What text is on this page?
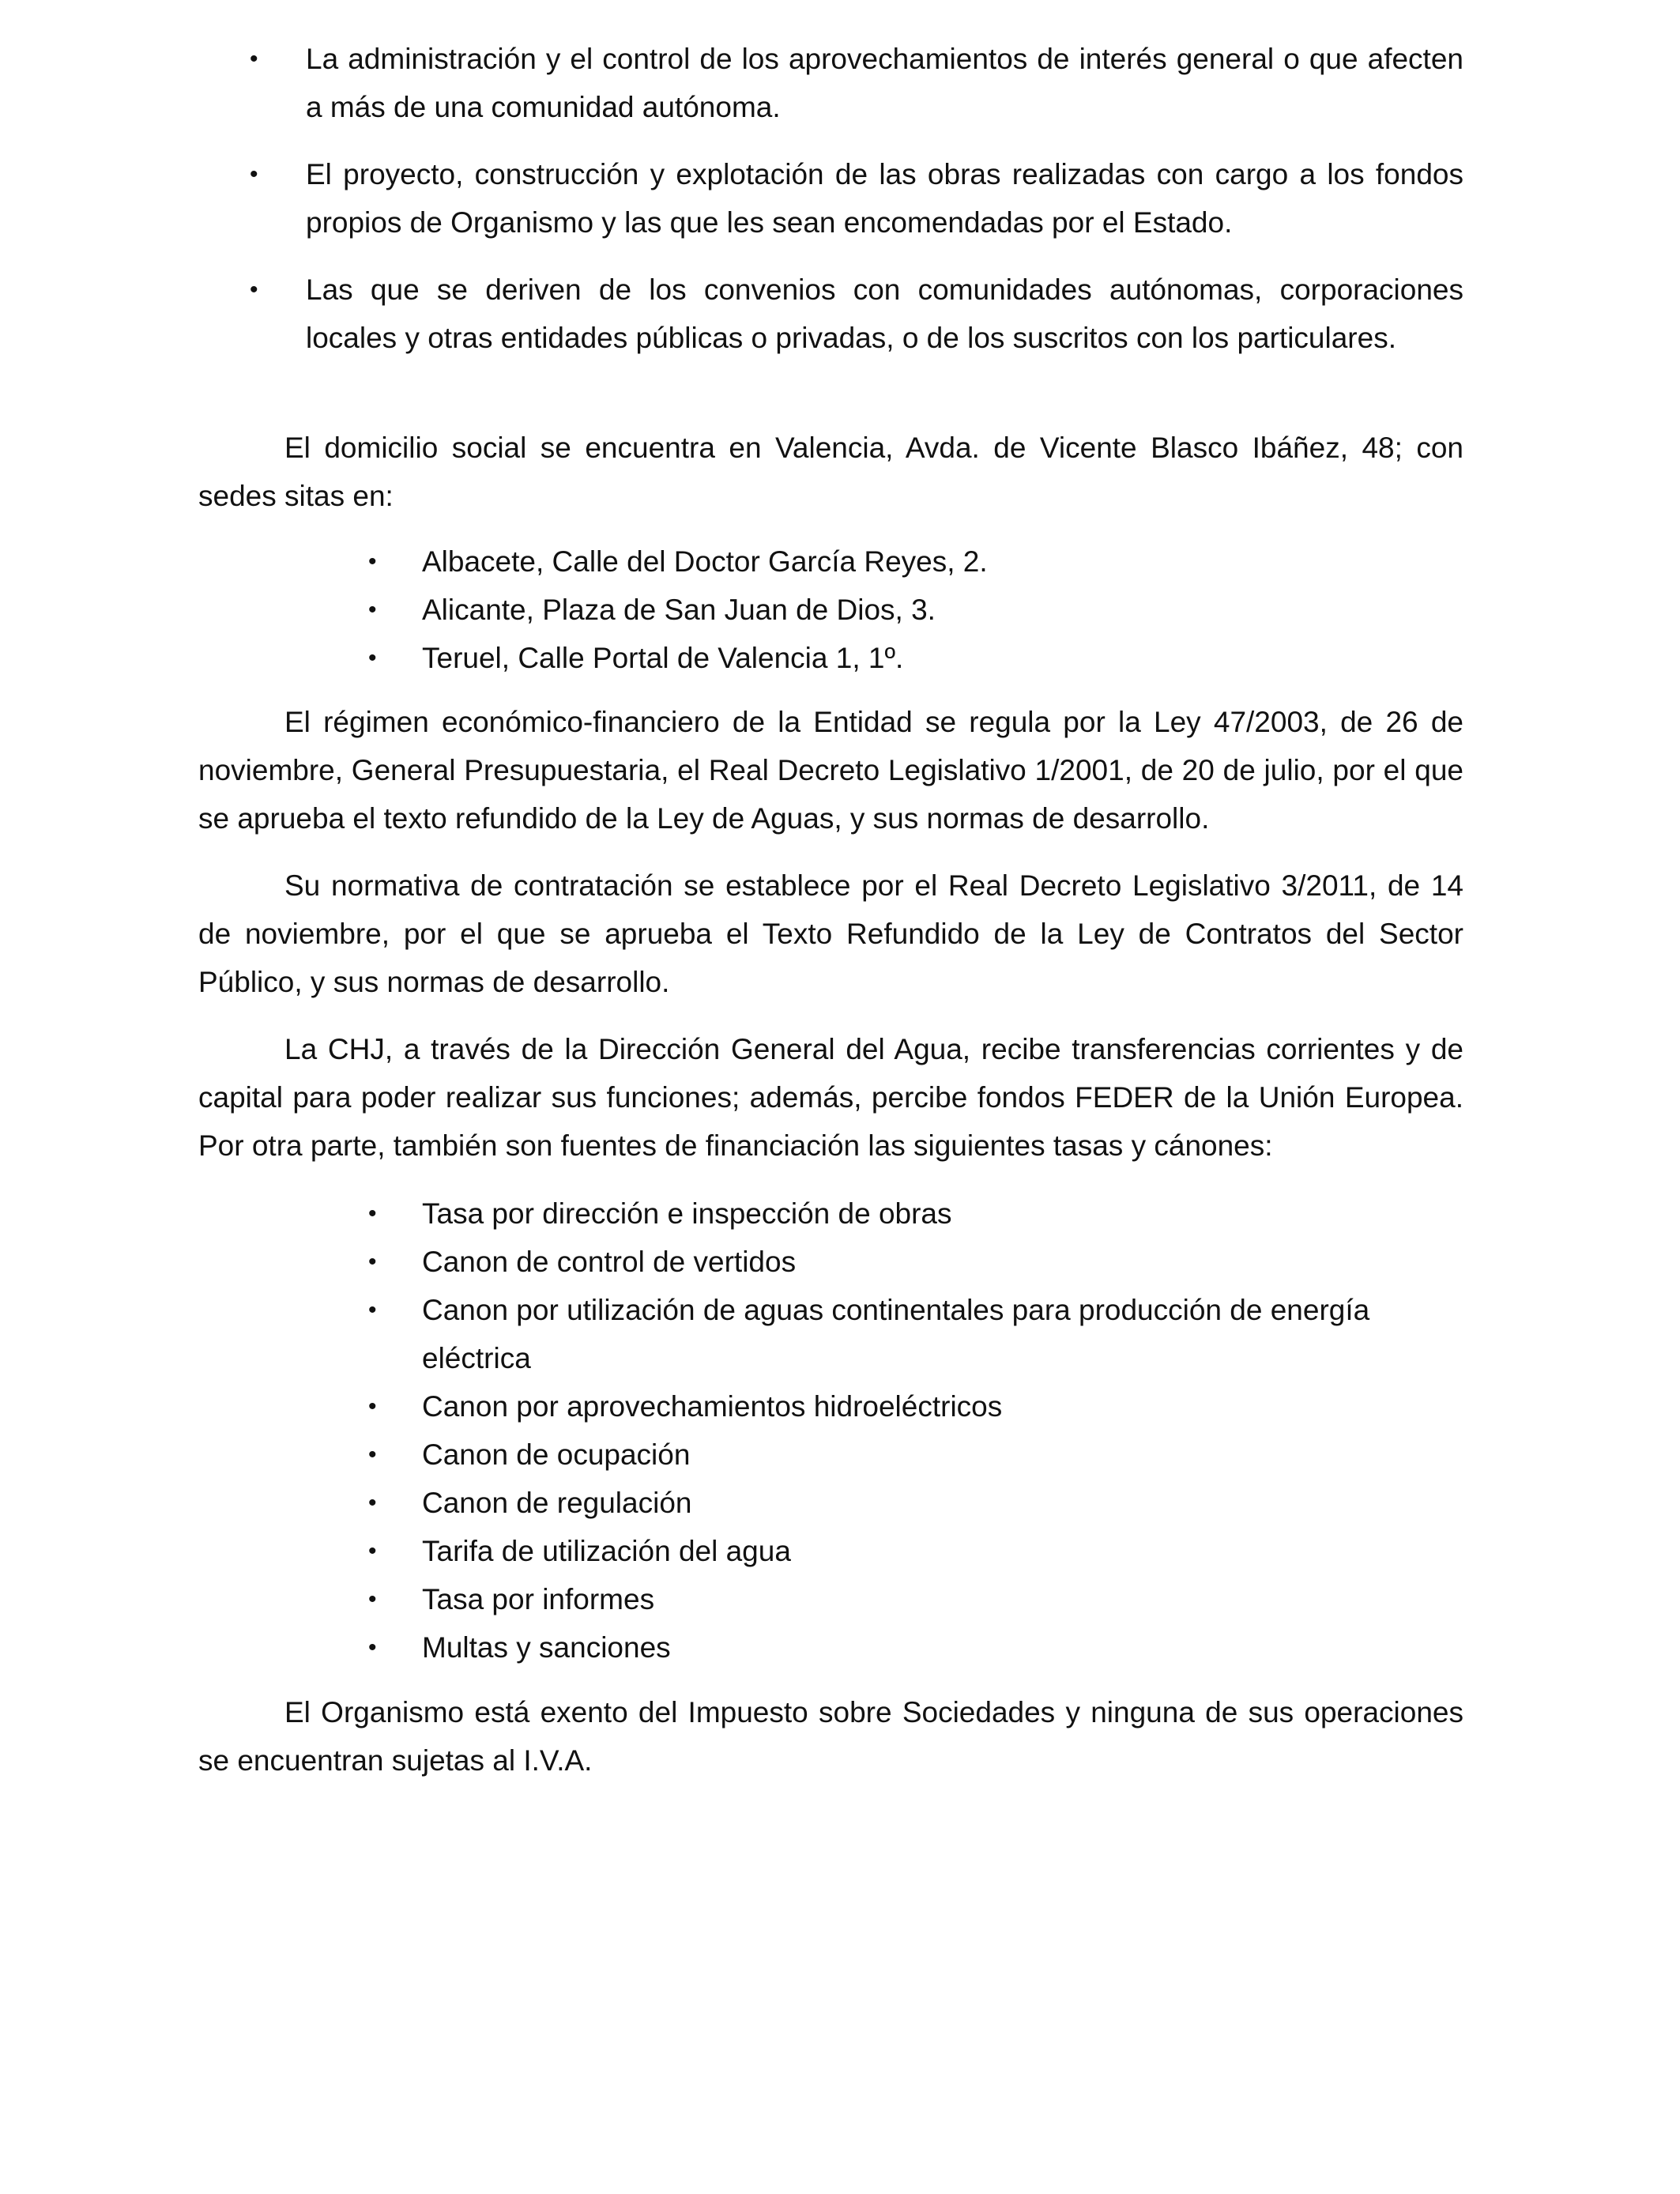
• La administración y el control de los aprovechamientos de interés general o que afecten a más de una comunidad autónoma.
• El proyecto, construcción y explotación de las obras realizadas con cargo a los fondos propios de Organismo y las que les sean encomendadas por el Estado.
• Las que se deriven de los convenios con comunidades autónomas, corporaciones locales y otras entidades públicas o privadas, o de los suscritos con los particulares.

El domicilio social se encuentra en Valencia, Avda. de Vicente Blasco Ibáñez, 48; con sedes sitas en:

• Albacete, Calle del Doctor García Reyes, 2.
• Alicante, Plaza de San Juan de Dios, 3.
• Teruel, Calle Portal de Valencia 1, 1º.

El régimen económico-financiero de la Entidad se regula por la Ley 47/2003, de 26 de noviembre, General Presupuestaria, el Real Decreto Legislativo 1/2001, de 20 de julio, por el que se aprueba el texto refundido de la Ley de Aguas, y sus normas de desarrollo.

Su normativa de contratación se establece por el Real Decreto Legislativo 3/2011, de 14 de noviembre, por el que se aprueba el Texto Refundido de la Ley de Contratos del Sector Público, y sus normas de desarrollo.

La CHJ, a través de la Dirección General del Agua, recibe transferencias corrientes y de capital para poder realizar sus funciones; además, percibe fondos FEDER de la Unión Europea. Por otra parte, también son fuentes de financiación las siguientes tasas y cánones:

• Tasa por dirección e inspección de obras
• Canon de control de vertidos
• Canon por utilización de aguas continentales para producción de energía eléctrica
• Canon por aprovechamientos hidroeléctricos
• Canon de ocupación
• Canon de regulación
• Tarifa de utilización del agua
• Tasa por informes
• Multas y sanciones

El Organismo está exento del Impuesto sobre Sociedades y ninguna de sus operaciones se encuentran sujetas al I.V.A.
